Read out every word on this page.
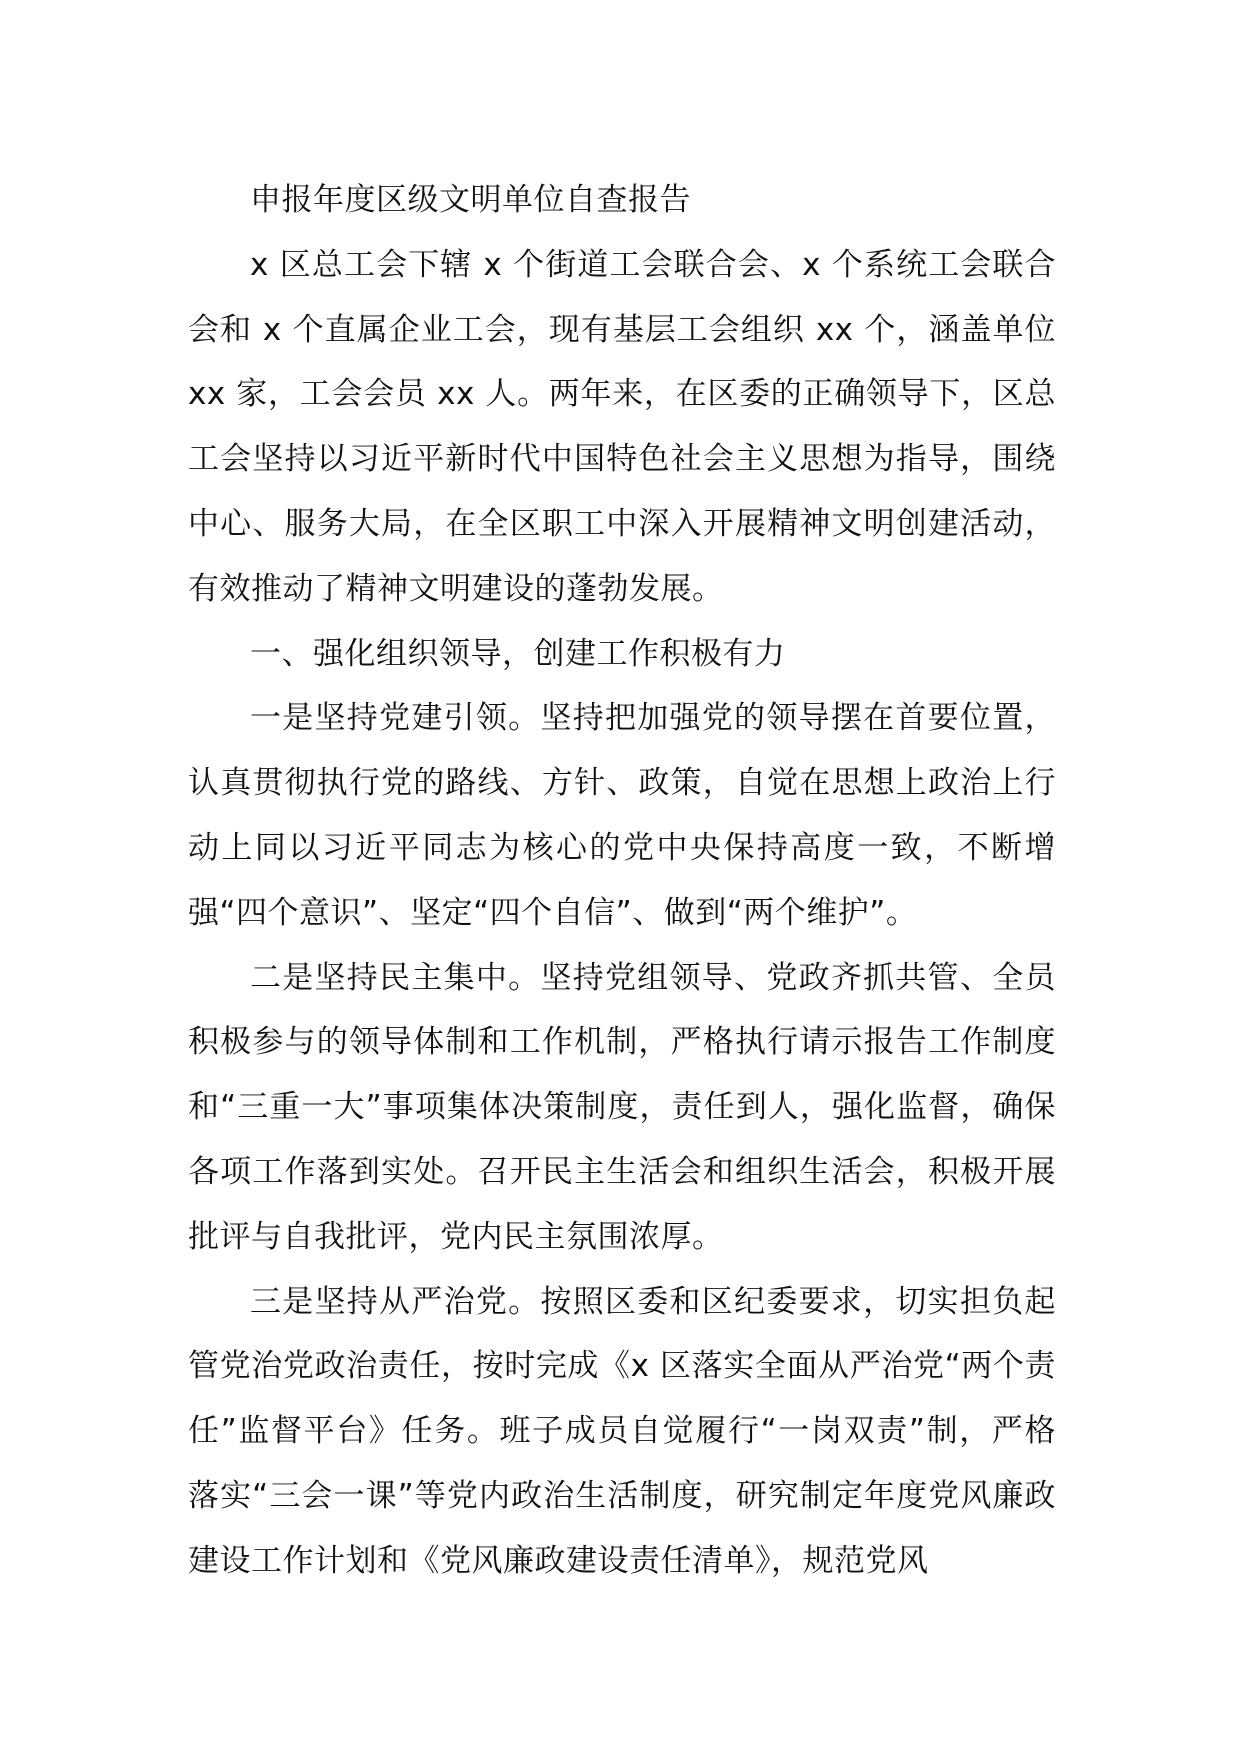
申报年度区级文明单位自查报告

x 区总工会下辖 x 个街道工会联合会、x 个系统工会联合会和 x 个直属企业工会，现有基层工会组织 xx 个，涵盖单位 xx 家，工会会员 xx 人。两年来，在区委的正确领导下，区总工会坚持以习近平新时代中国特色社会主义思想为指导，围绕中心、服务大局，在全区职工中深入开展精神文明创建活动，有效推动了精神文明建设的蓬勃发展。

一、强化组织领导，创建工作积极有力

一是坚持党建引领。坚持把加强党的领导摆在首要位置，认真贯彻执行党的路线、方针、政策，自觉在思想上政治上行动上同以习近平同志为核心的党中央保持高度一致，不断增强“四个意识”、坚定“四个自信”、做到“两个维护”。

二是坚持民主集中。坚持党组领导、党政齐抓共管、全员积极参与的领导体制和工作机制，严格执行请示报告工作制度和“三重一大”事项集体决策制度，责任到人，强化监督，确保各项工作落到实处。召开民主生活会和组织生活会，积极开展批评与自我批评，党内民主氛围浓厚。

三是坚持从严治党。按照区委和区纪委要求，切实担负起管党治党政治责任，按时完成《x 区落实全面从严治党“两个责任”监督平台》任务。班子成员自觉履行“一岗双责”制，严格落实“三会一课”等党内政治生活制度，研究制定年度党风廉政建设工作计划和《党风廉政建设责任清单》，规范党风
